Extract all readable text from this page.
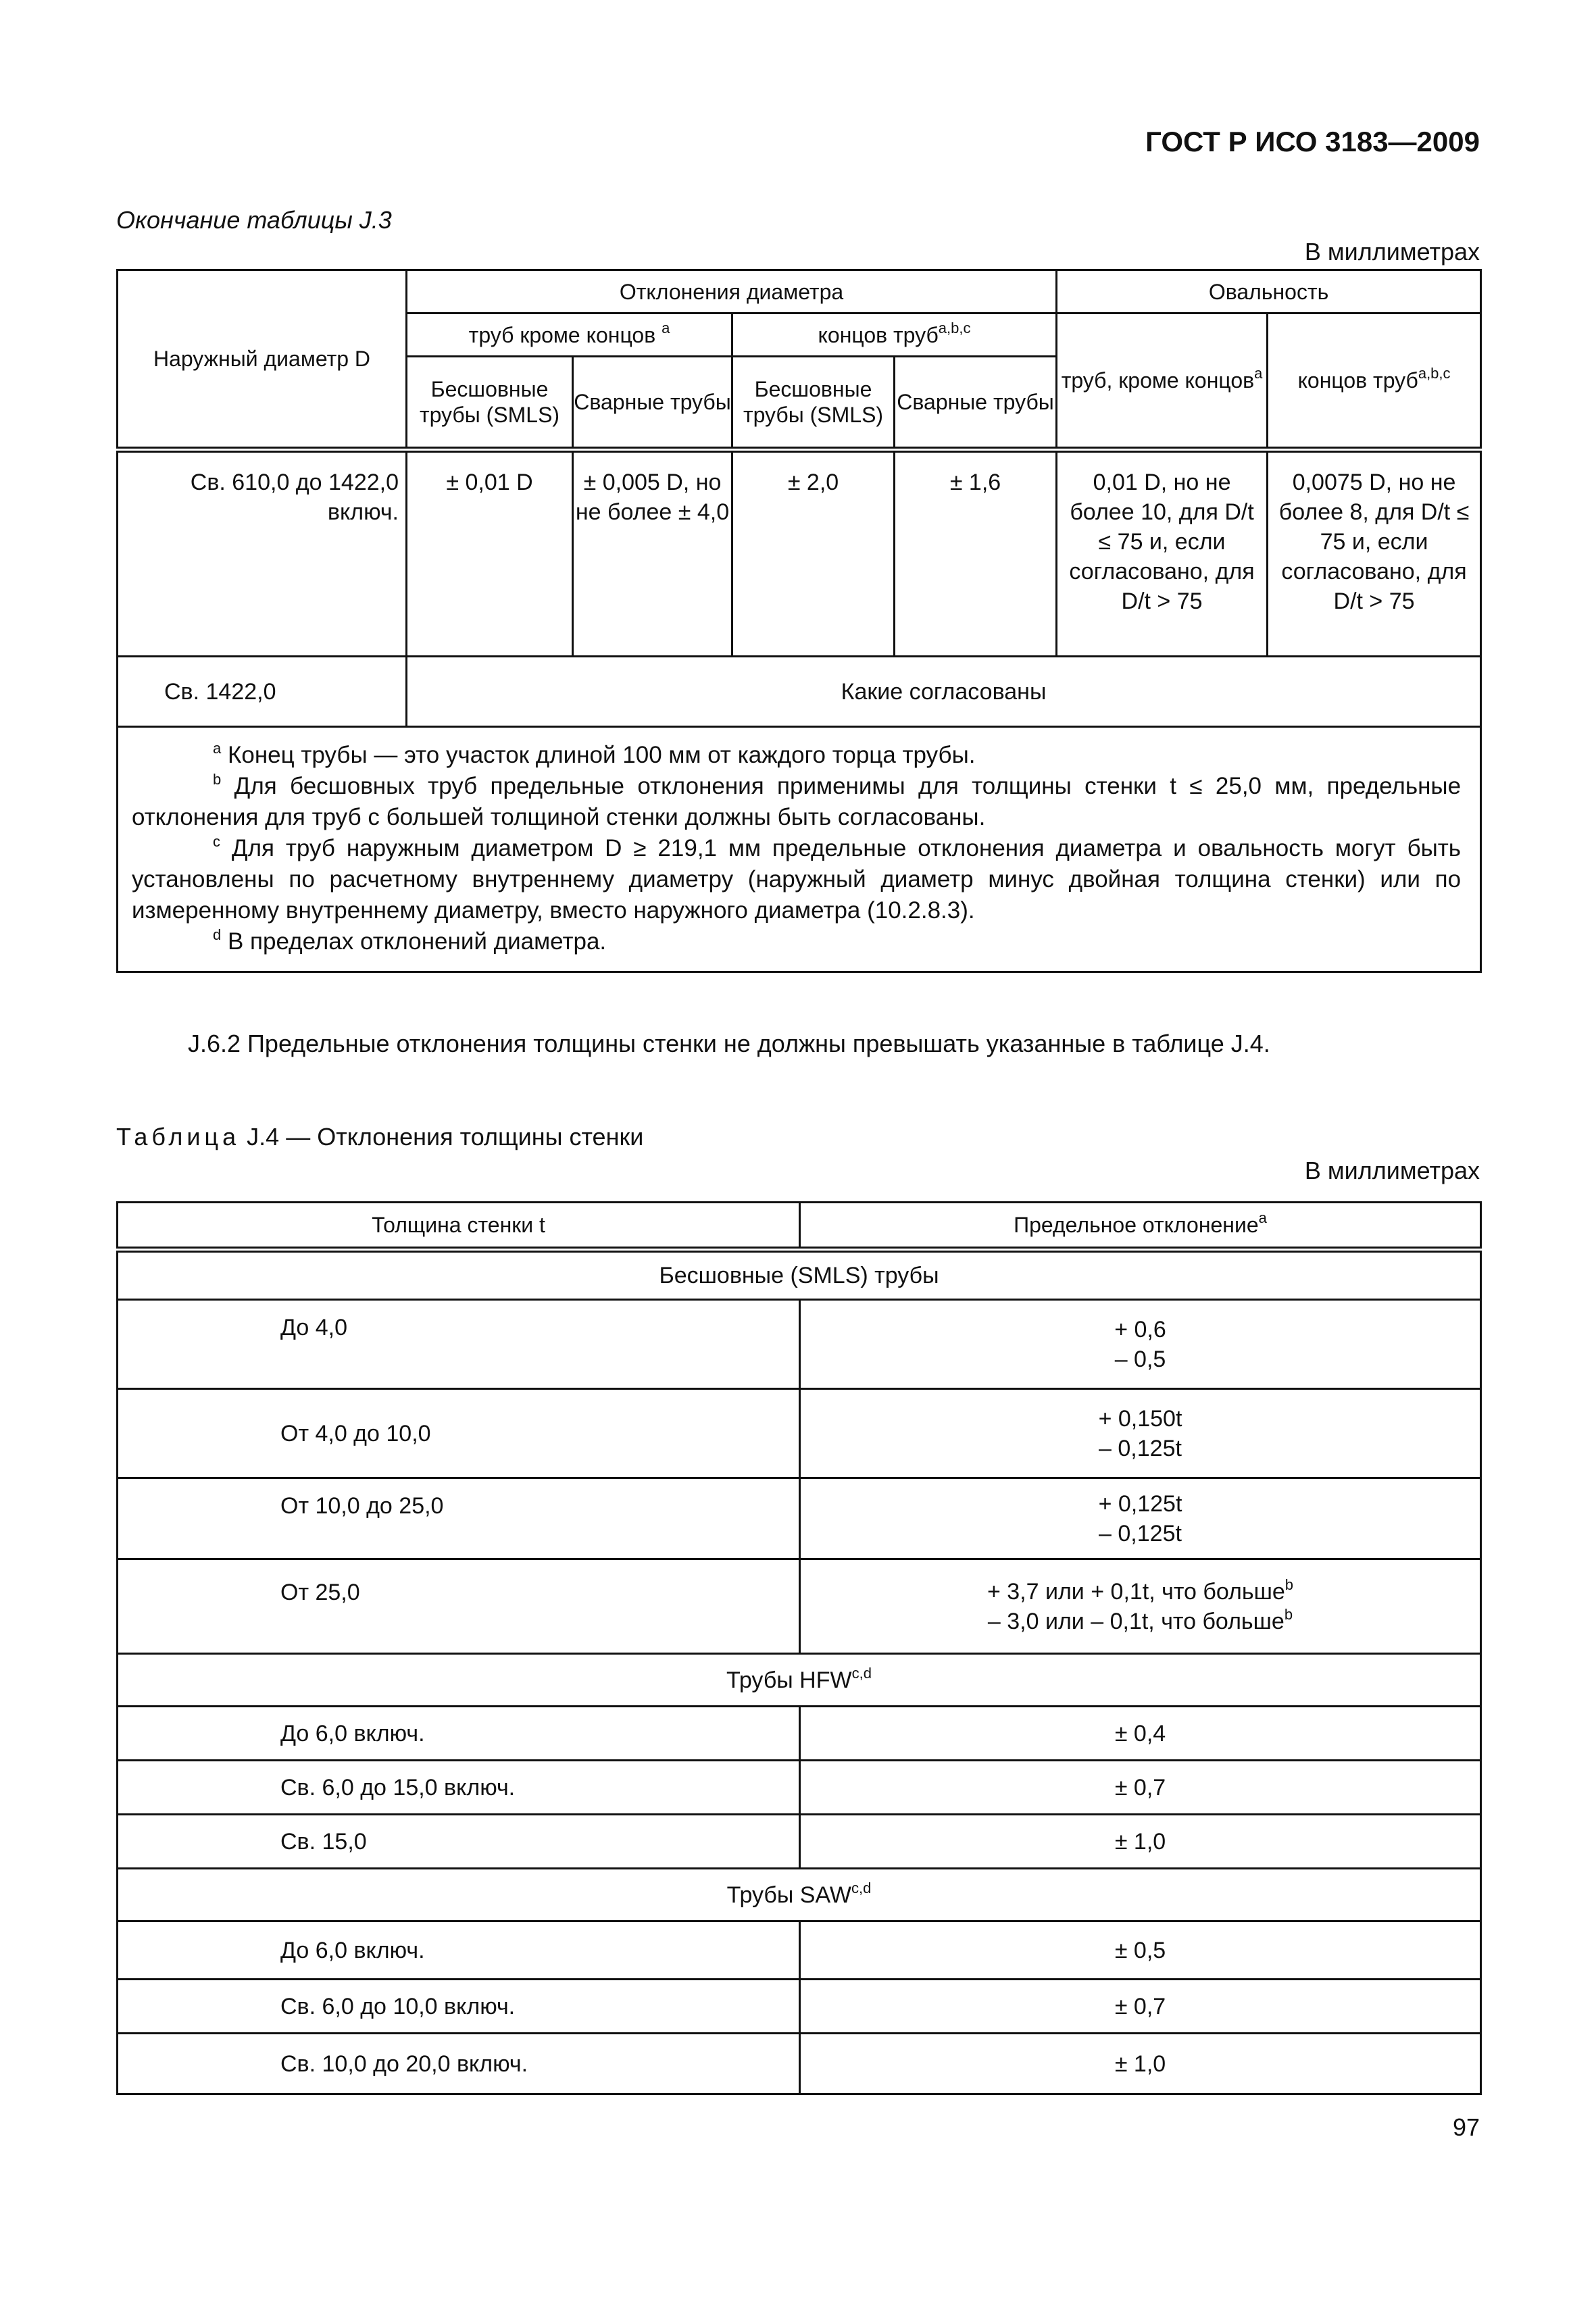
ГОСТ Р ИСО 3183—2009
Окончание таблицы J.3
В миллиметрах
Наружный диаметр D	Отклонения диаметра				Овальность	
	труб кроме концов $^a$		концов труб$^{a,b,c}$		труб, кроме концов$^a$	концов труб$^{a,b,c}$
	Бесшовные трубы (SMLS)	Сварные трубы	Бесшовные трубы (SMLS)	Сварные трубы		
Св. 610,0 до 1422,0 включ.	± 0,01 D	± 0,005 D, но не более ± 4,0	± 2,0	± 1,6	0,01 D, но не более 10, для D/t ≤ 75 и, если согласовано, для D/t > 75	0,0075 D, но не более 8, для D/t ≤ 75 и, если согласовано, для D/t > 75
Св. 1422,0	Какие согласованы					

$^a$ Конец трубы — это участок длиной 100 мм от каждого торца трубы.

$^b$ Для бесшовных труб предельные отклонения применимы для толщины стенки t ≤ 25,0 мм, предельные отклонения для труб с большей толщиной стенки должны быть согласованы.

$^c$ Для труб наружным диаметром D ≥ 219,1 мм предельные отклонения диаметра и овальность могут быть установлены по расчетному внутреннему диаметру (наружный диаметр минус двойная толщина стенки) или по измеренному внутреннему диаметру, вместо наружного диаметра (10.2.8.3).

$^d$ В пределах отклонений диаметра.						

J.6.2 Предельные отклонения толщины стенки не должны превышать указанные в таблице J.4.
Таблица J.4 — Отклонения толщины стенки
В миллиметрах
Толщина стенки t	Предельное отклонение$^a$
Бесшовные (SMLS) трубы	
До 4,0	+ 0,6
– 0,5

От 4,0 до 10,0	+ 0,150t
– 0,125t

От 10,0 до 25,0	+ 0,125t
– 0,125t

От 25,0	+ 3,7 или + 0,1t, что больше$^b$
– 3,0 или – 0,1t, что больше$^b$

Трубы HFW$^{c,d}$
До 6,0 включ.	± 0,4
Св. 6,0 до 15,0 включ.	± 0,7
Св. 15,0	± 1,0
Трубы SAW$^{c,d}$
До 6,0 включ.	± 0,5
Св. 6,0 до 10,0 включ.	± 0,7
Св. 10,0 до 20,0 включ.	± 1,0
97
